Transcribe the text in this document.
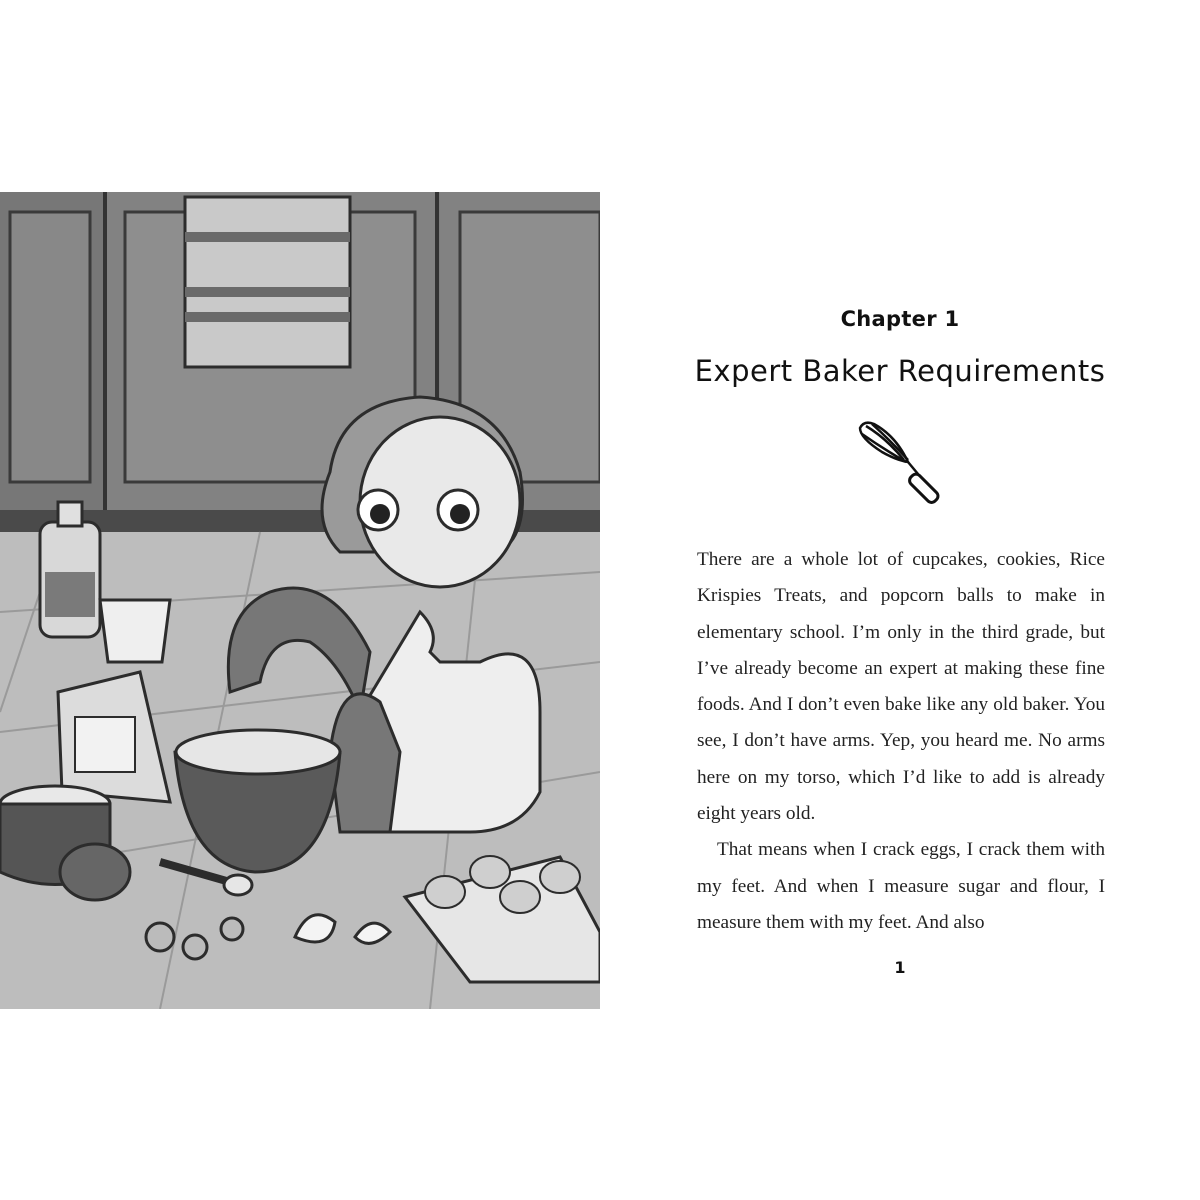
Chapter 1
Expert Baker Requirements

There are a whole lot of cupcakes, cookies, Rice Krispies Treats, and popcorn balls to make in elementary school. I’m only in the third grade, but I’ve already become an expert at making these fine foods. And I don’t even bake like any old baker. You see, I don’t have arms. Yep, you heard me. No arms here on my torso, which I’d like to add is already eight years old.

That means when I crack eggs, I crack them with my feet. And when I measure sugar and flour, I measure them with my feet. And also

1
